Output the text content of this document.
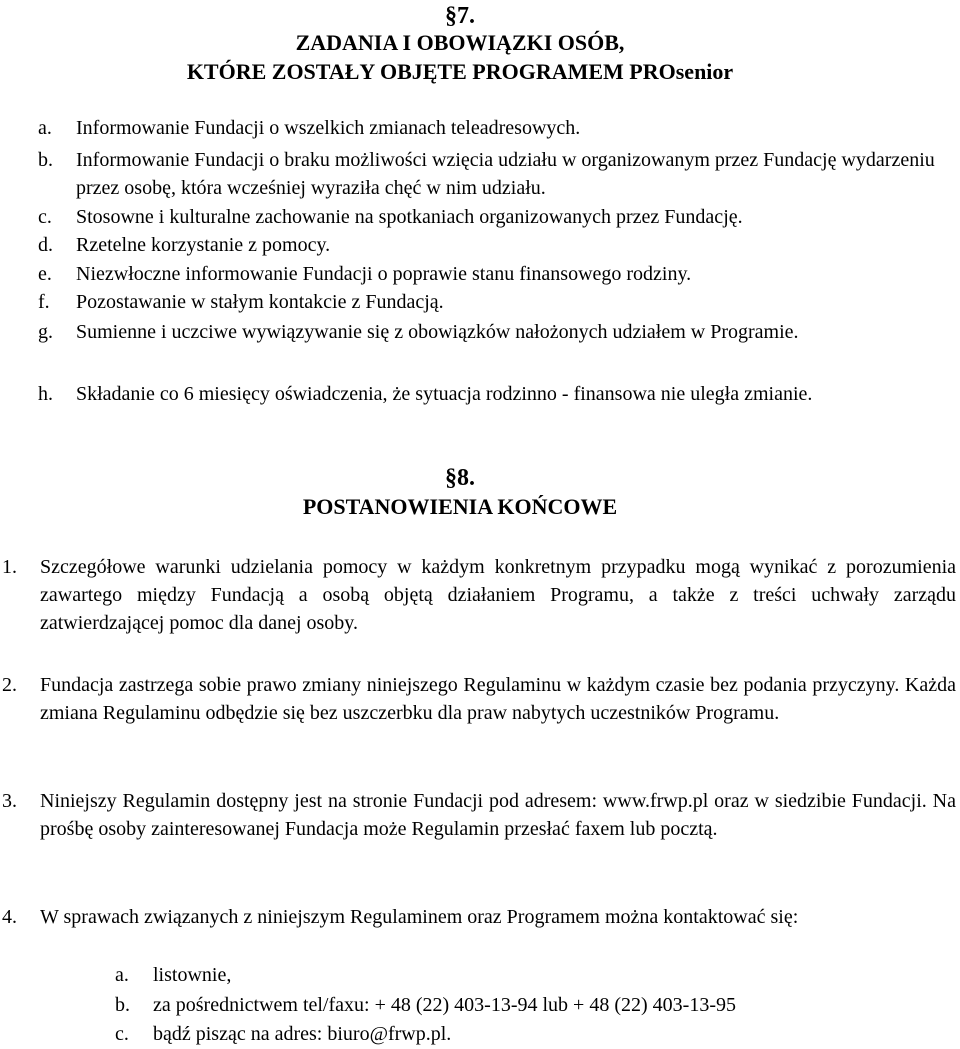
§7.
ZADANIA I OBOWIĄZKI OSÓB,
KTÓRE ZOSTAŁY OBJĘTE PROGRAMEM PROsenior
a.	Informowanie Fundacji o wszelkich zmianach teleadresowych.
b.	Informowanie Fundacji o braku możliwości wzięcia udziału w organizowanym przez Fundację wydarzeniu przez osobę, która wcześniej wyraziła chęć w nim udziału.
c.	Stosowne i kulturalne zachowanie na spotkaniach organizowanych przez Fundację.
d.	Rzetelne korzystanie z pomocy.
e.	Niezwłoczne informowanie Fundacji o poprawie stanu finansowego rodziny.
f.	Pozostawanie w stałym kontakcie z Fundacją.
g.	Sumienne i uczciwe wywiązywanie się z obowiązków nałożonych udziałem w Programie.
h.	Składanie co 6 miesięcy oświadczenia, że sytuacja rodzinno - finansowa nie uległa zmianie.
§8.
POSTANOWIENIA KOŃCOWE
1.	Szczegółowe warunki udzielania pomocy w każdym konkretnym przypadku mogą wynikać z porozumienia zawartego między Fundacją a osobą objętą działaniem Programu, a także z treści uchwały zarządu zatwierdzającej pomoc dla danej osoby.
2.	Fundacja zastrzega sobie prawo zmiany niniejszego Regulaminu w każdym czasie bez podania przyczyny. Każda zmiana Regulaminu odbędzie się bez uszczerbku dla praw nabytych uczestników Programu.
3.	Niniejszy Regulamin dostępny jest na stronie Fundacji pod adresem: www.frwp.pl oraz w siedzibie Fundacji. Na prośbę osoby zainteresowanej Fundacja może Regulamin przesłać faxem lub pocztą.
4.	W sprawach związanych z niniejszym Regulaminem oraz Programem można kontaktować się:
a.	listownie,
b.	za pośrednictwem tel/faxu: + 48 (22) 403-13-94 lub + 48 (22) 403-13-95
c.	bądź pisząc na adres: biuro@frwp.pl.
